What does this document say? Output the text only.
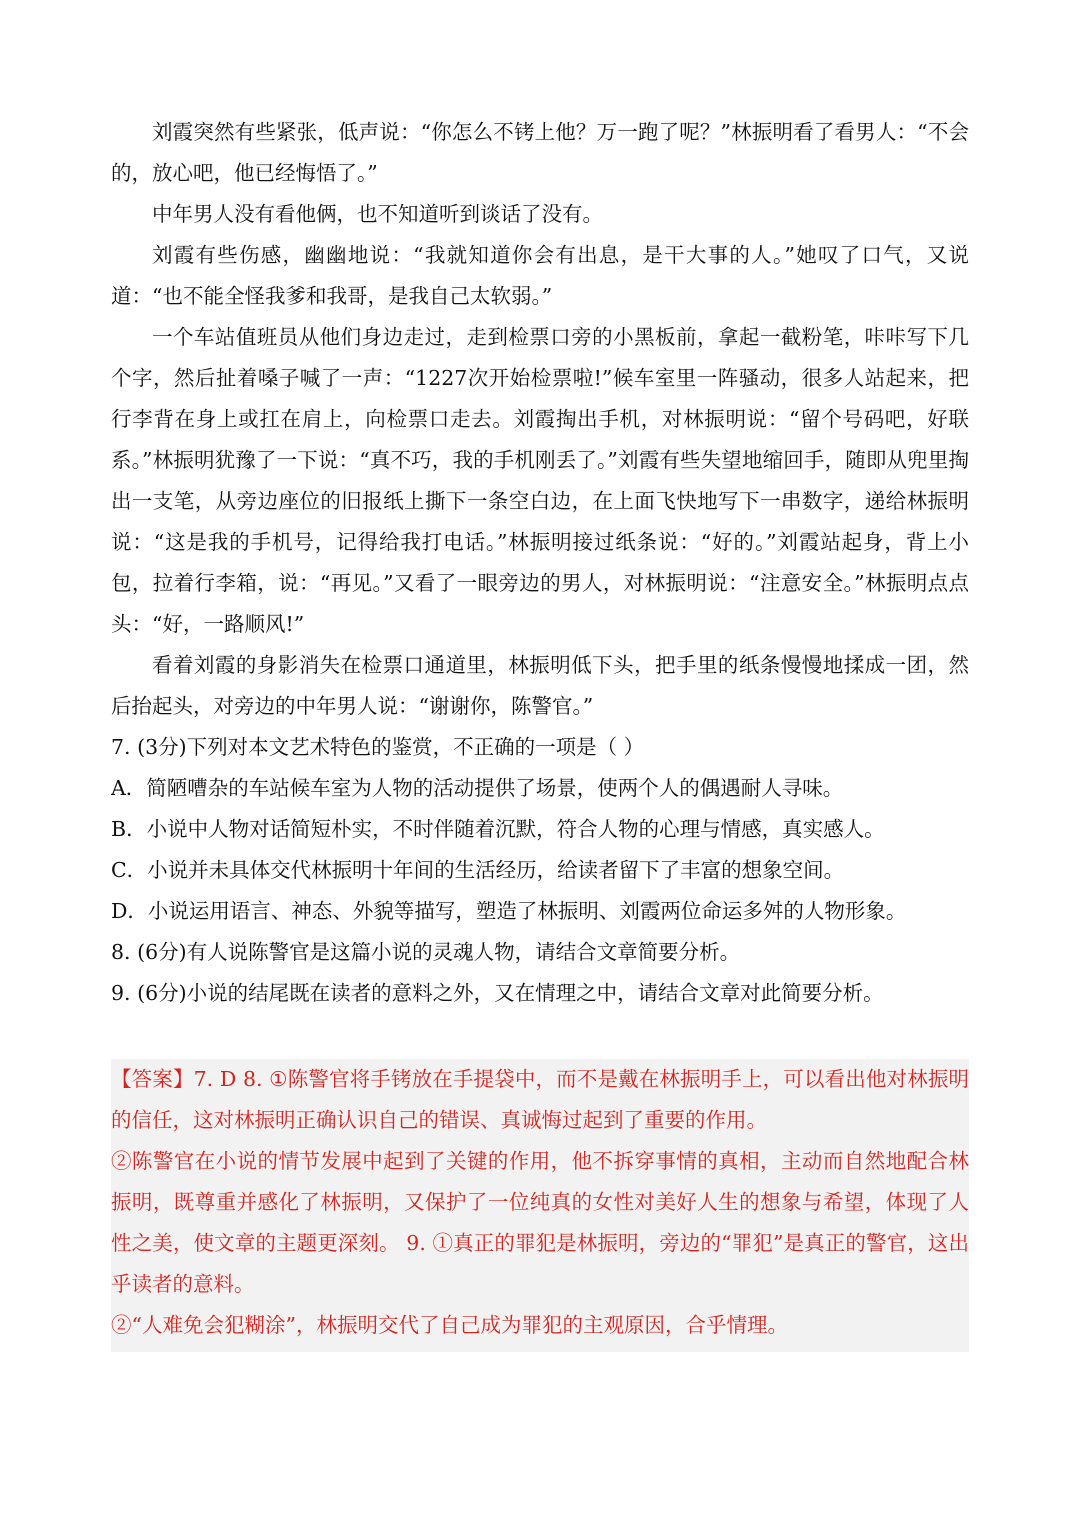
刘霞突然有些紧张，低声说：“你怎么不铐上他？万一跑了呢？”林振明看了看男人：“不会的，放心吧，他已经悔悟了。”

中年男人没有看他俩，也不知道听到谈话了没有。

刘霞有些伤感，幽幽地说：“我就知道你会有出息，是干大事的人。”她叹了口气，又说道：“也不能全怪我爹和我哥，是我自己太软弱。”

一个车站值班员从他们身边走过，走到检票口旁的小黑板前，拿起一截粉笔，咔咔写下几个字，然后扯着嗓子喊了一声：“1227次开始检票啦!”候车室里一阵骚动，很多人站起来，把行李背在身上或扛在肩上，向检票口走去。刘霞掏出手机，对林振明说：“留个号码吧，好联系。”林振明犹豫了一下说：“真不巧，我的手机刚丢了。”刘霞有些失望地缩回手，随即从兜里掏出一支笔，从旁边座位的旧报纸上撕下一条空白边，在上面飞快地写下一串数字，递给林振明说：“这是我的手机号，记得给我打电话。”林振明接过纸条说：“好的。”刘霞站起身，背上小包，拉着行李箱，说：“再见。”又看了一眼旁边的男人，对林振明说：“注意安全。”林振明点点头：“好，一路顺风!”

看着刘霞的身影消失在检票口通道里，林振明低下头，把手里的纸条慢慢地揉成一团，然后抬起头，对旁边的中年男人说：“谢谢你，陈警官。”

7. (3分)下列对本文艺术特色的鉴赏，不正确的一项是（ ）

A．简陋嘈杂的车站候车室为人物的活动提供了场景，使两个人的偶遇耐人寻味。

B．小说中人物对话简短朴实，不时伴随着沉默，符合人物的心理与情感，真实感人。

C．小说并未具体交代林振明十年间的生活经历，给读者留下了丰富的想象空间。

D．小说运用语言、神态、外貌等描写，塑造了林振明、刘霞两位命运多舛的人物形象。

8. (6分)有人说陈警官是这篇小说的灵魂人物，请结合文章简要分析。

9. (6分)小说的结尾既在读者的意料之外，又在情理之中，请结合文章对此简要分析。

【答案】7. D 8. ①陈警官将手铐放在手提袋中，而不是戴在林振明手上，可以看出他对林振明的信任，这对林振明正确认识自己的错误、真诚悔过起到了重要的作用。

②陈警官在小说的情节发展中起到了关键的作用，他不拆穿事情的真相，主动而自然地配合林振明，既尊重并感化了林振明，又保护了一位纯真的女性对美好人生的想象与希望，体现了人性之美，使文章的主题更深刻。 9. ①真正的罪犯是林振明，旁边的“罪犯”是真正的警官，这出乎读者的意料。

②“人难免会犯糊涂”，林振明交代了自己成为罪犯的主观原因，合乎情理。
